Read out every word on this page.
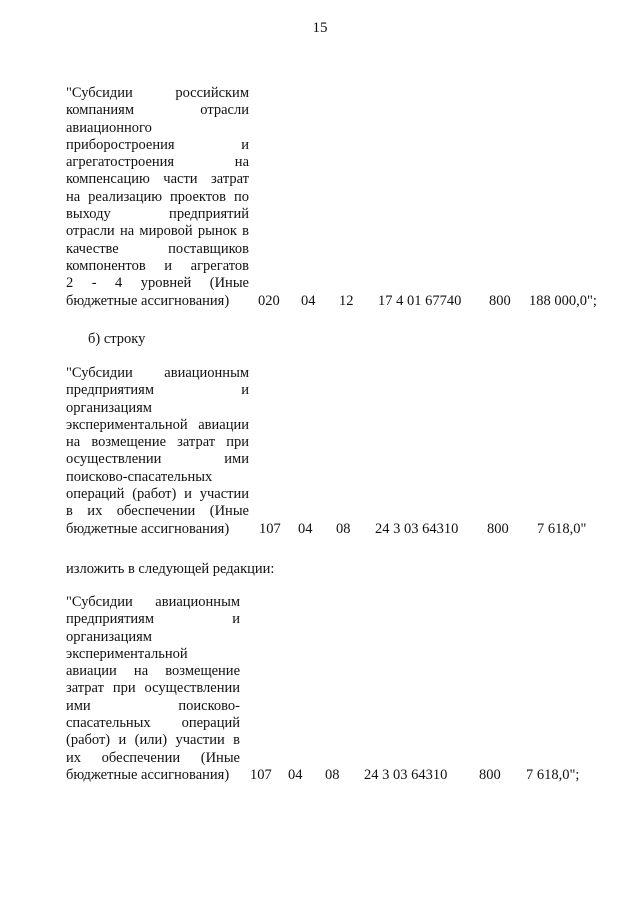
15
"Субсидии российским
компаниям отрасли
авиационного
приборостроения и
агрегатостроения на
компенсацию части затрат
на реализацию проектов по
выходу предприятий
отрасли на мировой рынок в
качестве поставщиков
компонентов и агрегатов
2 - 4 уровней (Иные
бюджетные ассигнования)	020 04 12 17 4 01 67740 800 188 000,0";
б) строку
"Субсидии авиационным
предприятиям и
организациям
экспериментальной авиации
на возмещение затрат при
осуществлении ими
поисково-спасательных
операций (работ) и участии
в их обеспечении (Иные
бюджетные ассигнования)	107 04 08 24 3 03 64310 800 7 618,0"
изложить в следующей редакции:
"Субсидии авиационным
предприятиям и
организациям
экспериментальной
авиации на возмещение
затрат при осуществлении
ими поисково-
спасательных операций
(работ) и (или) участии в
их обеспечении (Иные
бюджетные ассигнования)	107 04 08 24 3 03 64310 800 7 618,0";
